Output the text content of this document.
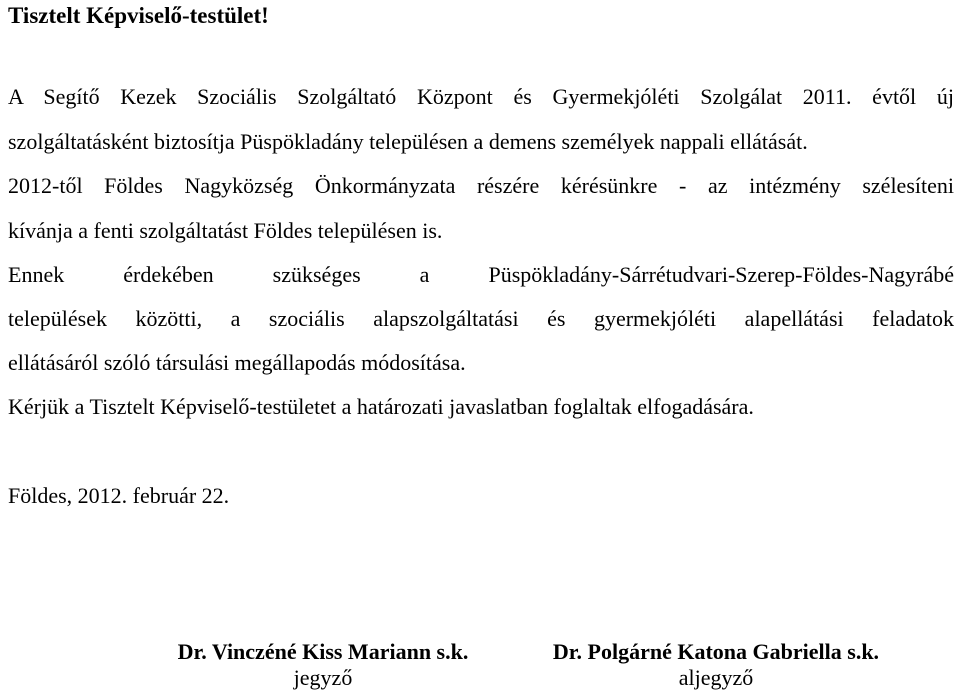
Tisztelt Képviselő-testület!
A Segítő Kezek Szociális Szolgáltató Központ és Gyermekjóléti Szolgálat 2011. évtől új
szolgáltatásként biztosítja Püspökladány településen a demens személyek nappali ellátását.
2012-től Földes Nagyközség Önkormányzata részére kérésünkre - az intézmény szélesíteni
kívánja a fenti szolgáltatást Földes településen is.
Ennek érdekében szükséges a Püspökladány-Sárrétudvari-Szerep-Földes-Nagyrábé
települések közötti, a szociális alapszolgáltatási és gyermekjóléti alapellátási feladatok
ellátásáról szóló társulási megállapodás módosítása.
Kérjük a Tisztelt Képviselő-testületet a határozati javaslatban foglaltak elfogadására.
Földes, 2012. február 22.
Dr. Vinczéné Kiss Mariann s.k.
jegyző
Dr. Polgárné Katona Gabriella s.k.
aljegyző
